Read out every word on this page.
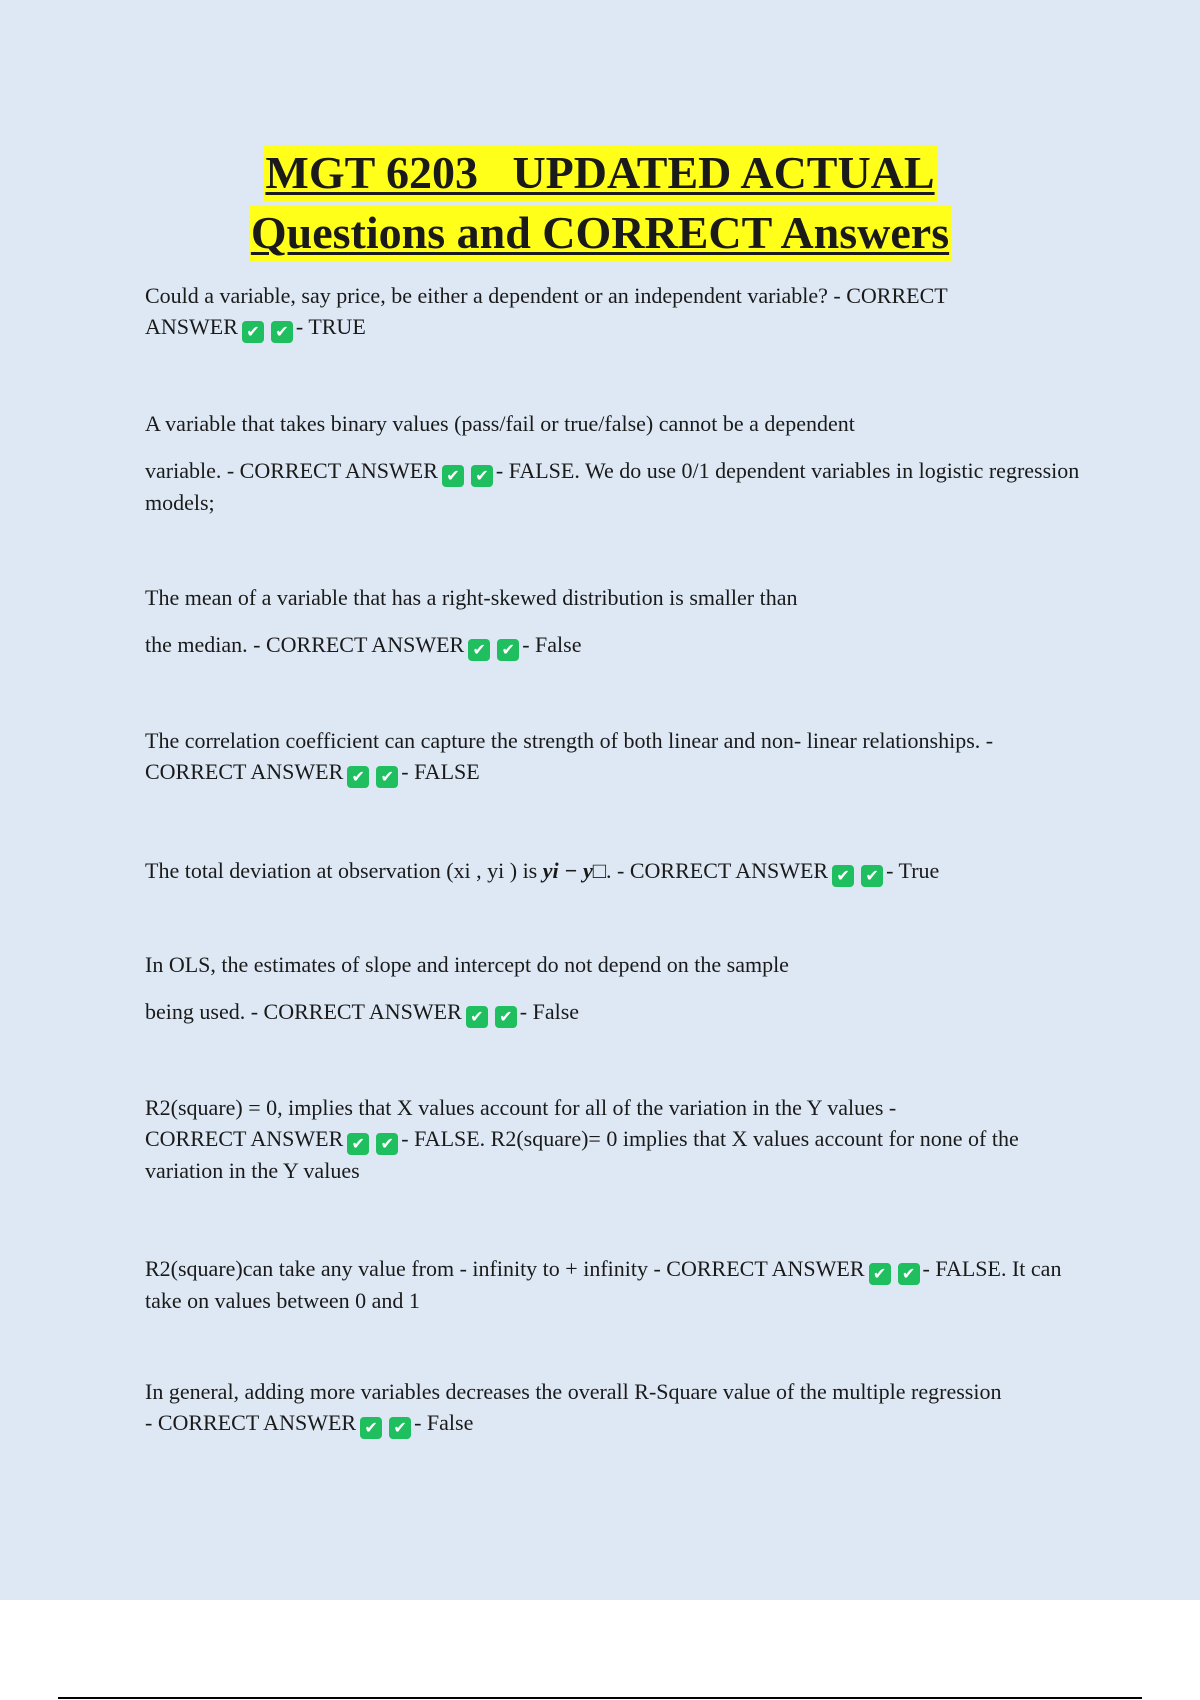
MGT 6203   UPDATED ACTUAL
Questions and CORRECT Answers

Could a variable, say price, be either a dependent or an independent variable? - CORRECT
ANSWER ✔ ✔ - TRUE

A variable that takes binary values (pass/fail or true/false) cannot be a dependent

variable. - CORRECT ANSWER ✔ ✔ - FALSE. We do use 0/1 dependent variables in logistic regression models;

The mean of a variable that has a right-skewed distribution is smaller than

the median. - CORRECT ANSWER ✔ ✔ - False

The correlation coefficient can capture the strength of both linear and non- linear relationships. -
CORRECT ANSWER ✔ ✔ - FALSE

The total deviation at observation (xi , yi ) is yi − y□. - CORRECT ANSWER ✔ ✔ - True

In OLS, the estimates of slope and intercept do not depend on the sample

being used. - CORRECT ANSWER ✔ ✔ - False

R2(square) = 0, implies that X values account for all of the variation in the Y values -
CORRECT ANSWER ✔ ✔ - FALSE. R2(square)= 0 implies that X values account for none of the variation in the Y values

R2(square)can take any value from - infinity to + infinity - CORRECT ANSWER ✔ ✔ - FALSE. It can take on values between 0 and 1

In general, adding more variables decreases the overall R-Square value of the multiple regression
- CORRECT ANSWER ✔ ✔ - False
